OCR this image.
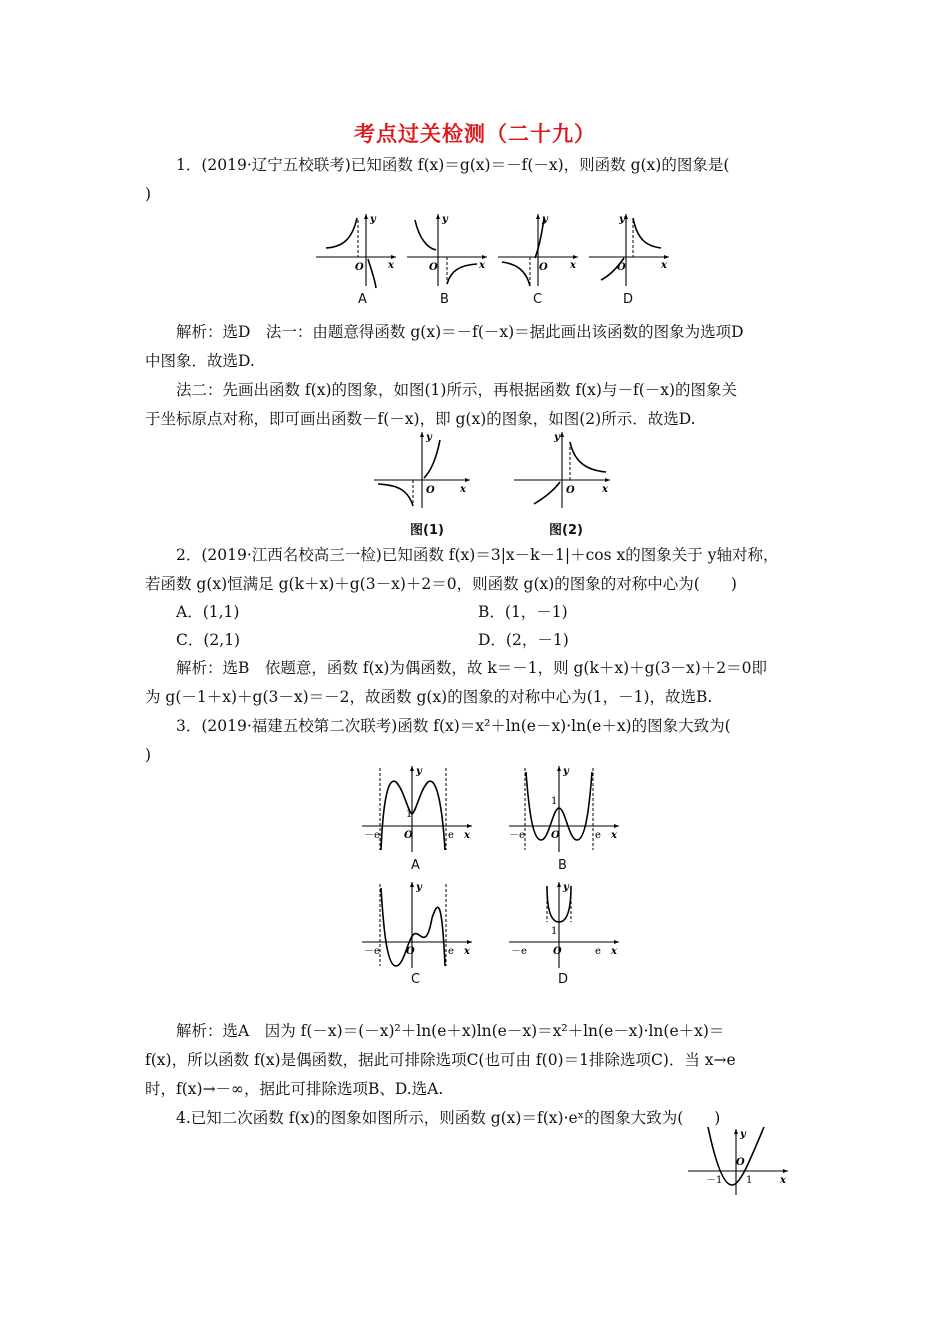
考点过关检测（二十九）

1．(2019·辽宁五校联考)已知函数 f(x)＝g(x)＝－f(－x)，则函数 g(x)的图象是(

)

y
O x
A
y
O	x
B
y
O x
C
y
O	x
D

解析：选D　法一：由题意得函数 g(x)＝－f(－x)＝据此画出该函数的图象为选项D

中图象．故选D.

法二：先画出函数 f(x)的图象，如图(1)所示，再根据函数 f(x)与－f(－x)的图象关

于坐标原点对称，即可画出函数－f(－x)，即 g(x)的图象，如图(2)所示．故选D.

y
O	x
图(1)
y
O	x
图(2)

2．(2019·江西名校高三一检)已知函数 f(x)＝3|x－k－1|＋cos x的图象关于 y轴对称，

若函数 g(x)恒满足 g(k＋x)＋g(3－x)＋2＝0，则函数 g(x)的图象的对称中心为(　　)

A．(1,1)	B．(1，－1)
C．(2,1)	D．(2，－1)

解析：选B　依题意，函数 f(x)为偶函数，故 k＝－1，则 g(k＋x)＋g(3－x)＋2＝0即

为 g(－1＋x)＋g(3－x)＝－2，故函数 g(x)的图象的对称中心为(1，－1)，故选B.

3．(2019·福建五校第二次联考)函数 f(x)＝x²＋ln(e－x)·ln(e＋x)的图象大致为(

)

y
1
O
－e	e x
A
y
1
O
－e	e x
B
y
O
－e	e x
C
y
1
O
－e	e x
D

解析：选A　因为 f(－x)＝(－x)²＋ln(e＋x)ln(e－x)＝x²＋ln(e－x)·ln(e＋x)＝

f(x)，所以函数 f(x)是偶函数，据此可排除选项C(也可由 f(0)＝1排除选项C)．当 x→e

时，f(x)→－∞，据此可排除选项B、D.选A.

4.已知二次函数 f(x)的图象如图所示，则函数 g(x)＝f(x)·eˣ的图象大致为(　　)

y
O
－1 1	x
